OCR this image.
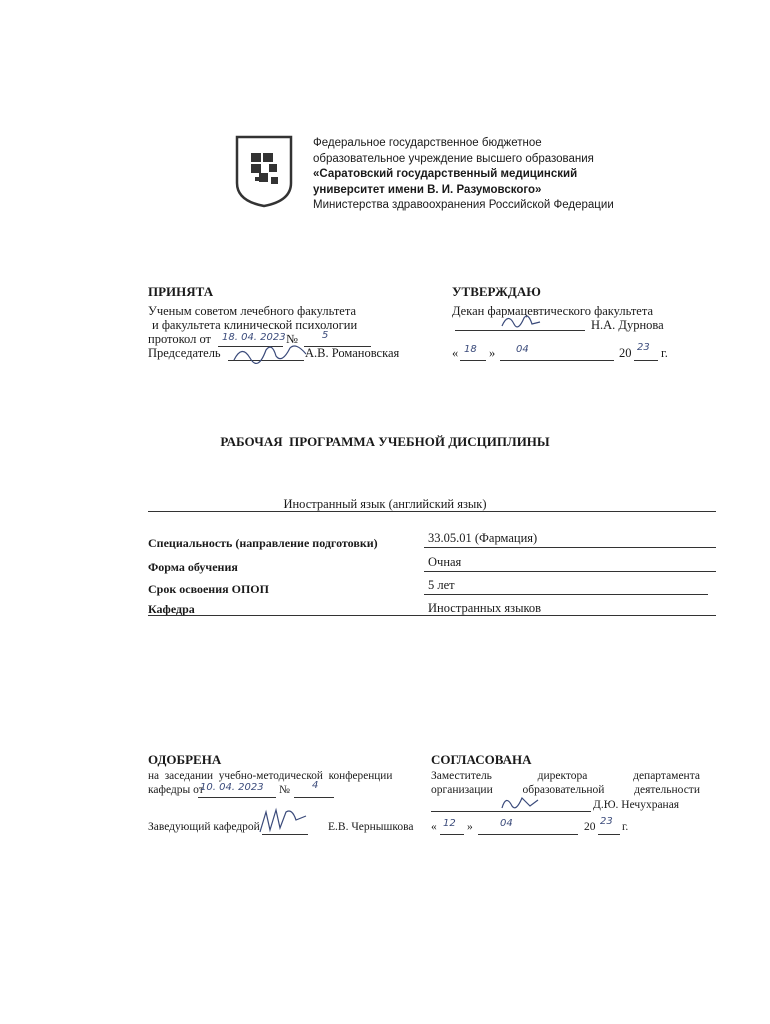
Федеральное государственное бюджетное
образовательное учреждение высшего образования
«Саратовский государственный медицинский
университет имени В. И. Разумовского»
Министерства здравоохранения Российской Федерации
ПРИНЯТА
Ученым советом лечебного факультета
и факультета клинической психологии
протокол от 18. 04. 2023 № 5
Председатель	А.В. Романовская
УТВЕРЖДАЮ
Декан фармацевтического факультета
Н.А. Дурнова
« 18 » 04	20 23 г.
РАБОЧАЯ  ПРОГРАММА УЧЕБНОЙ ДИСЦИПЛИНЫ
Иностранный язык (английский язык)
Специальность (направление подготовки)	33.05.01 (Фармация)
Форма обучения	Очная
Срок освоения ОПОП	5 лет
Кафедра	Иностранных языков
ОДОБРЕНА
на  заседании  учебно-методической  конференции
кафедры от
10. 04. 2023 № 4
Заведующий кафедрой	Е.В. Чернышкова
СОГЛАСОВАНА
Заместитель	директора	департамента
организации	образовательной	деятельности
Д.Ю. Нечухраная
« 12 »	04	20 23 г.
